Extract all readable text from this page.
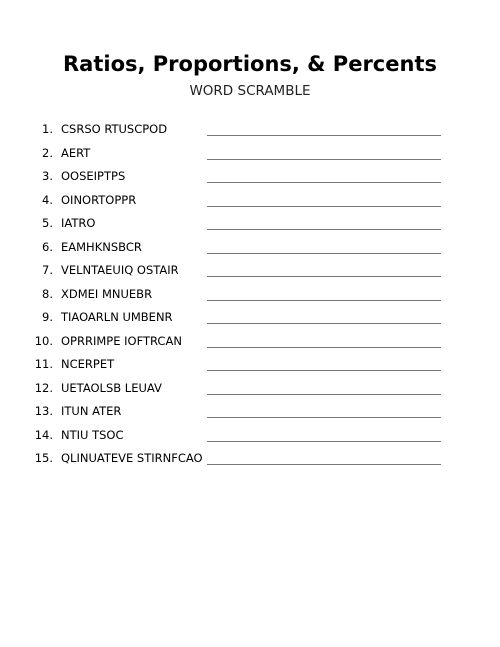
Ratios, Proportions, & Percents
WORD SCRAMBLE
1. CSRSO RTUSCPOD
2. AERT
3. OOSEIPTPS
4. OINORTOPPR
5. IATRO
6. EAMHKNSBCR
7. VELNTAEUIQ OSTAIR
8. XDMEI MNUEBR
9. TIAOARLN UMBENR
10. OPRRIMPE IOFTRCAN
11. NCERPET
12. UETAOLSB LEUAV
13. ITUN ATER
14. NTIU TSOC
15. QLINUATEVE STIRNFCAO
